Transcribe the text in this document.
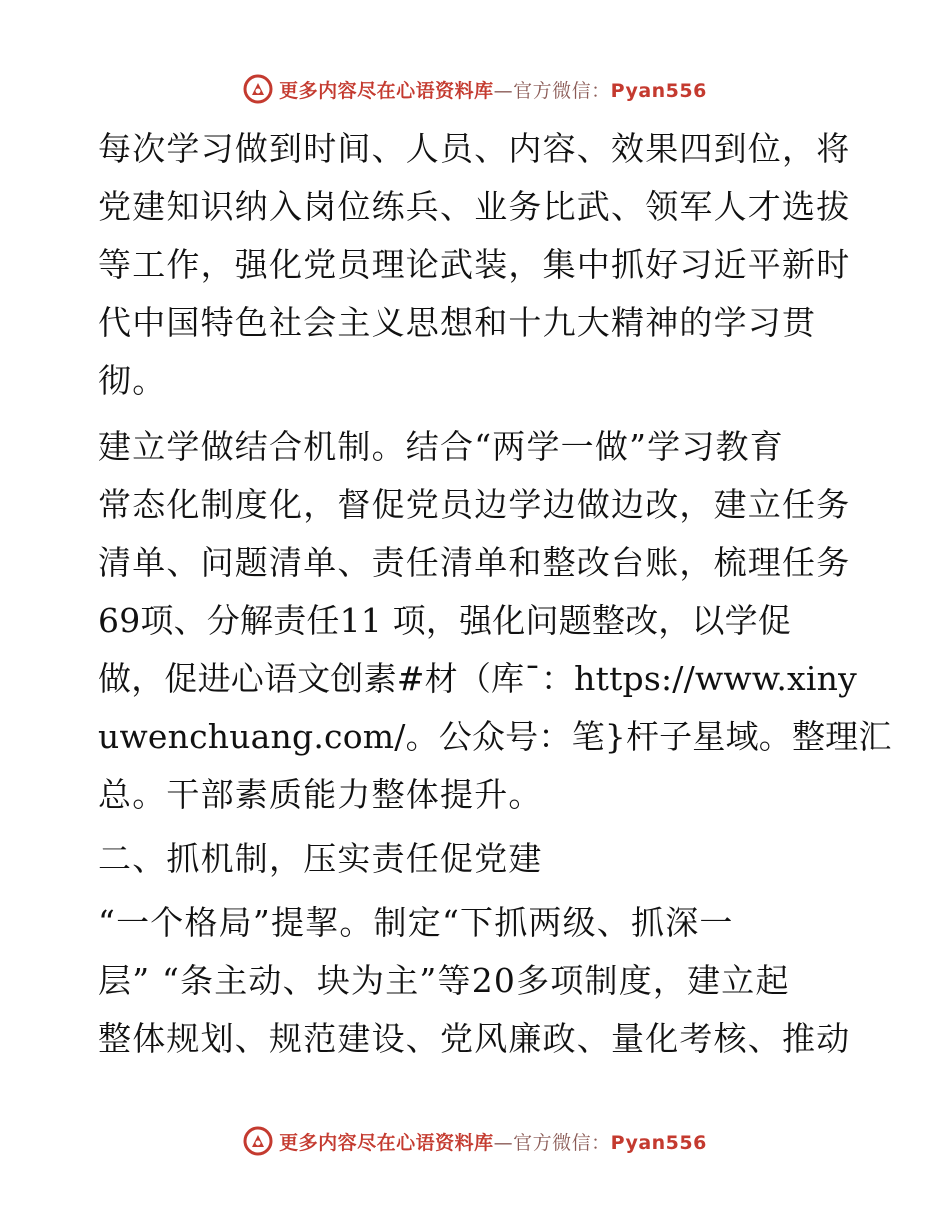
更多内容尽在心语资料库—官方微信：Pyan556
每次学习做到时间、人员、内容、效果四到位，将
党建知识纳入岗位练兵、业务比武、领军人才选拔
等工作，强化党员理论武装，集中抓好习近平新时
代中国特色社会主义思想和十九大精神的学习贯
彻。
建立学做结合机制。结合“两学一做”学习教育
常态化制度化，督促党员边学边做边改，建立任务
清单、问题清单、责任清单和整改台账，梳理任务
69项、分解责任11 项，强化问题整改，以学促
做，促进心语文创素#材（库¯：https://www.xiny
uwenchuang.com/。公众号：笔}杆子星域。整理汇
总。干部素质能力整体提升。
二、抓机制，压实责任促党建
“一个格局”提挈。制定“下抓两级、抓深一
层” “条主动、块为主”等20多项制度，建立起
整体规划、规范建设、党风廉政、量化考核、推动
更多内容尽在心语资料库—官方微信：Pyan556
